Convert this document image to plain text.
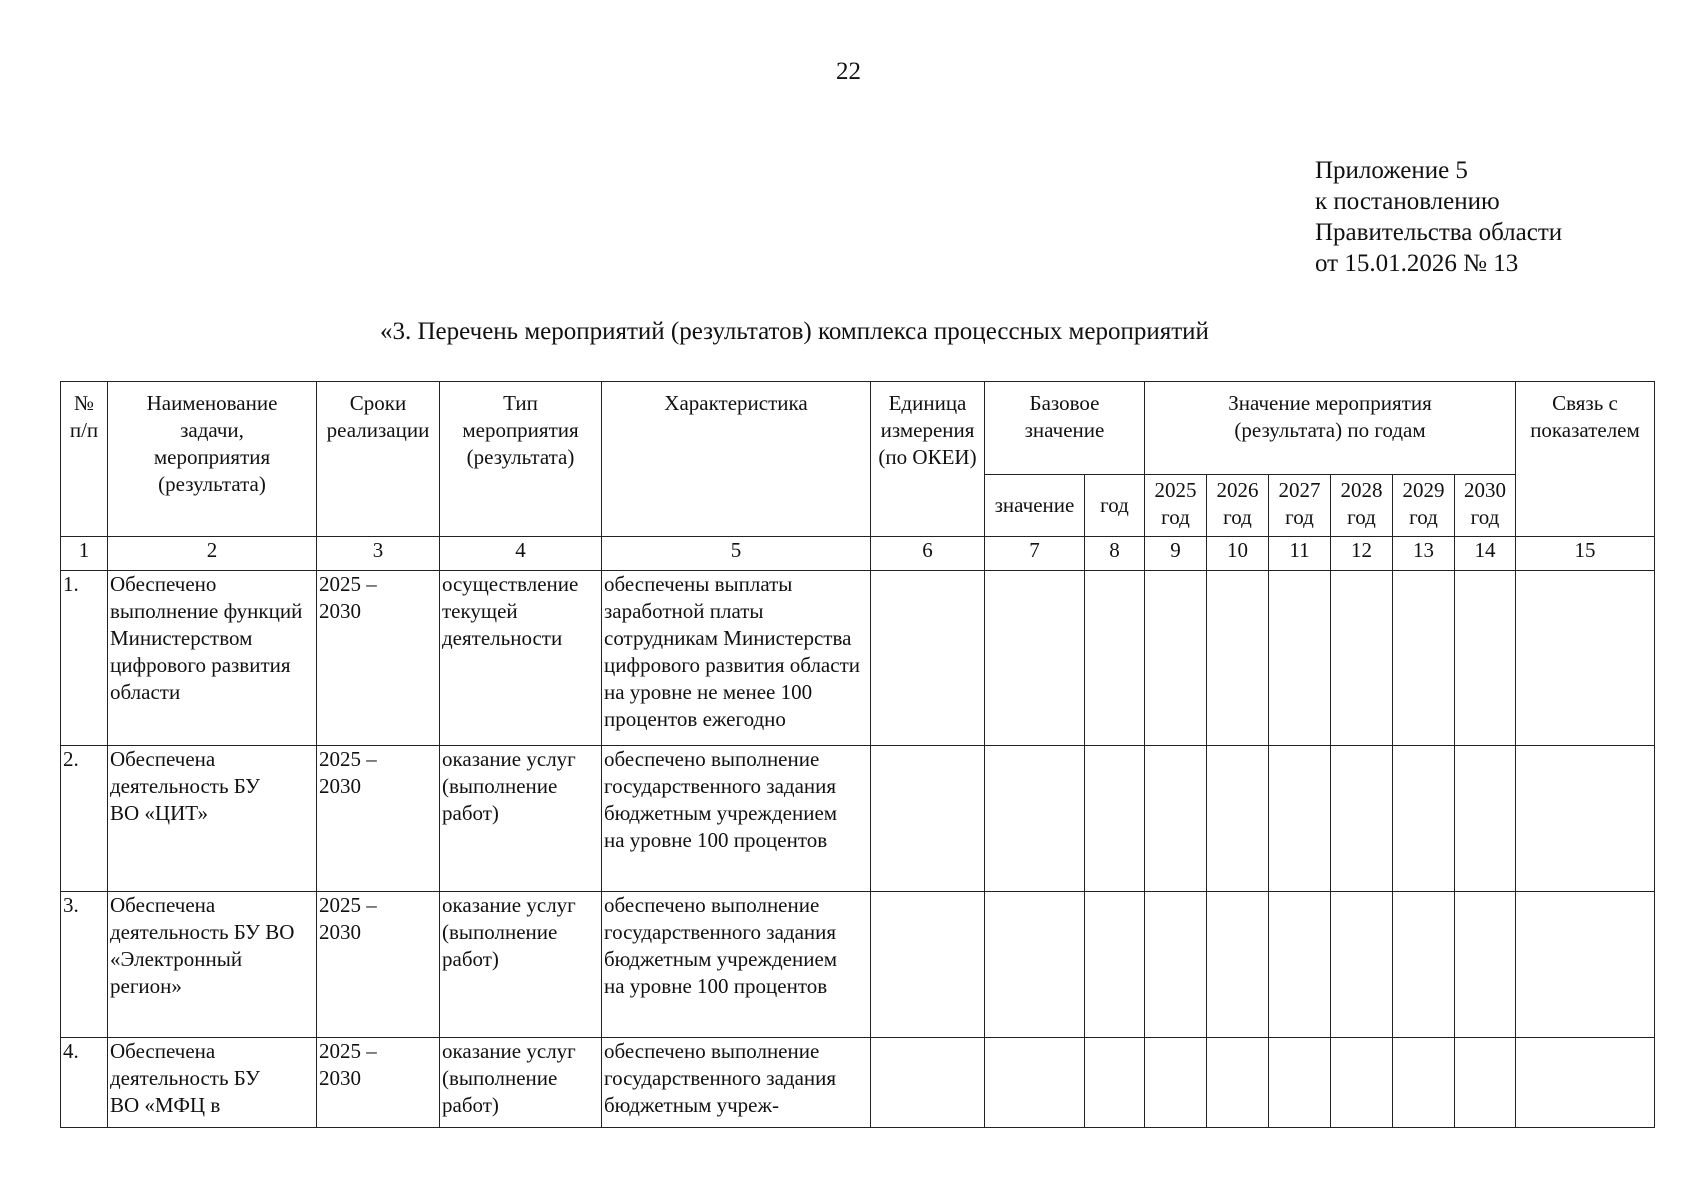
22
Приложение 5
к постановлению
Правительства области
от 15.01.2026 № 13
«3. Перечень мероприятий (результатов) комплекса процессных мероприятий
№ п/п	Наименование задачи, мероприятия (результата)	Сроки реализации	Тип мероприятия (результата)	Характеристика	Единица измерения (по ОКЕИ)	Базовое значение		Значение мероприятия (результата) по годам						Связь с показателем
						значение	год	2025 год	2026 год	2027 год	2028 год	2029 год	2030 год	
1	2	3	4	5	6	7	8	9	10	11	12	13	14	15
1.	Обеспечено выполнение функций Министерством цифрового развития области	2025 – 2030	осуществление текущей деятельности	обеспечены выплаты заработной платы сотрудникам Министерства цифрового развития области на уровне не менее 100 процентов ежегодно										
2.	Обеспечена деятельность БУ ВО «ЦИТ»	2025 – 2030	оказание услуг (выполнение работ)	обеспечено выполнение государственного задания бюджетным учреждением на уровне 100 процентов										
3.	Обеспечена деятельность БУ ВО «Электронный регион»	2025 – 2030	оказание услуг (выполнение работ)	обеспечено выполнение государственного задания бюджетным учреждением на уровне 100 процентов										
4.	Обеспечена деятельность БУ ВО «МФЦ в	2025 – 2030	оказание услуг (выполнение работ)	обеспечено выполнение государственного задания бюджетным учреж-										
